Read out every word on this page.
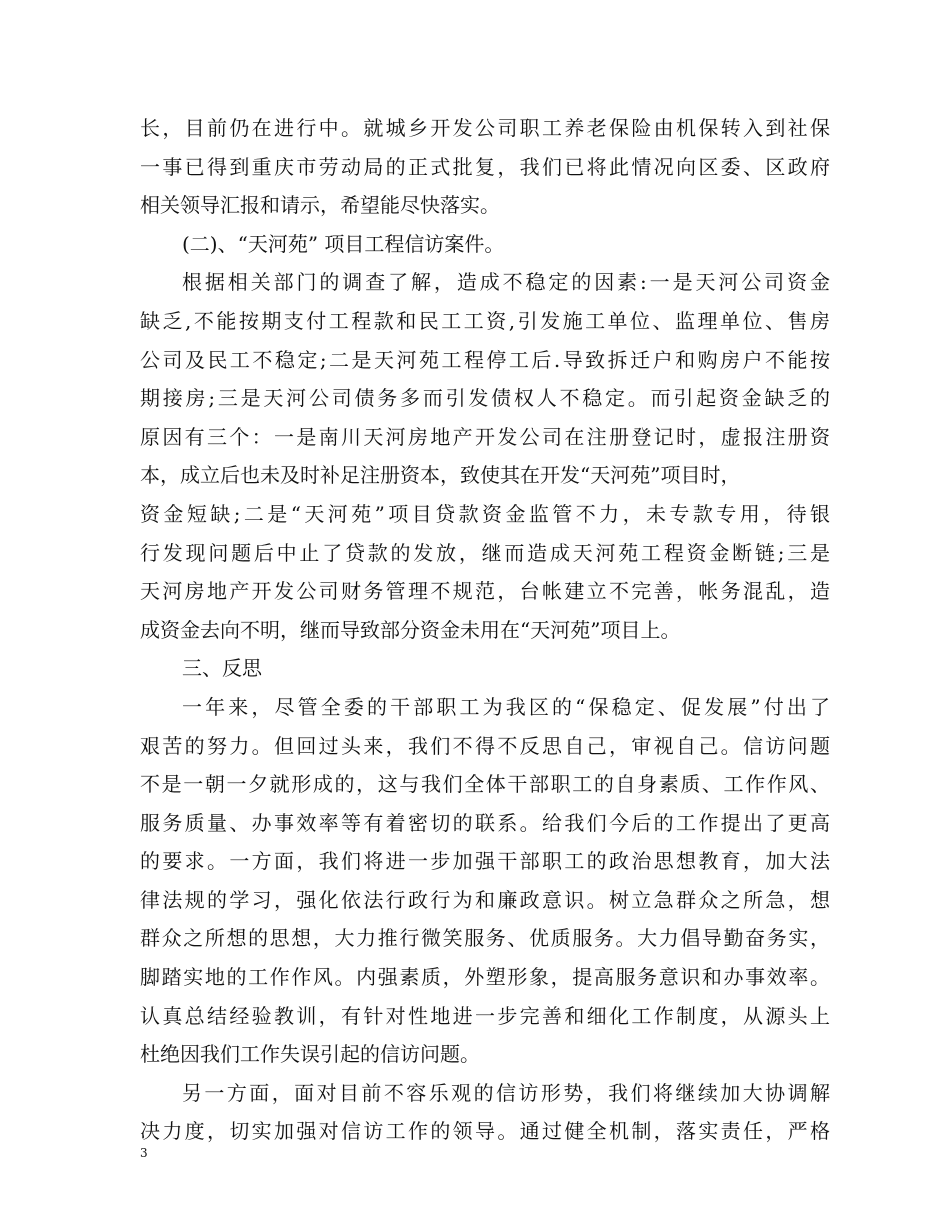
长，目前仍在进行中。就城乡开发公司职工养老保险由机保转入到社保
一事已得到重庆市劳动局的正式批复，我们已将此情况向区委、区政府
相关领导汇报和请示，希望能尽快落实。
(二)、“天河苑” 项目工程信访案件。
根据相关部门的调查了解，造成不稳定的因素:一是天河公司资金
缺乏,不能按期支付工程款和民工工资,引发施工单位、监理单位、售房
公司及民工不稳定;二是天河苑工程停工后.导致拆迁户和购房户不能按
期接房;三是天河公司债务多而引发债权人不稳定。而引起资金缺乏的
原因有三个：一是南川天河房地产开发公司在注册登记时，虚报注册资
本，成立后也未及时补足注册资本，致使其在开发“天河苑”项目时，
资金短缺;二是“天河苑”项目贷款资金监管不力，未专款专用，待银
行发现问题后中止了贷款的发放，继而造成天河苑工程资金断链;三是
天河房地产开发公司财务管理不规范，台帐建立不完善，帐务混乱，造
成资金去向不明，继而导致部分资金未用在“天河苑”项目上。
三、反思
一年来，尽管全委的干部职工为我区的“保稳定、促发展”付出了
艰苦的努力。但回过头来，我们不得不反思自己，审视自己。信访问题
不是一朝一夕就形成的，这与我们全体干部职工的自身素质、工作作风、
服务质量、办事效率等有着密切的联系。给我们今后的工作提出了更高
的要求。一方面，我们将进一步加强干部职工的政治思想教育，加大法
律法规的学习，强化依法行政行为和廉政意识。树立急群众之所急，想
群众之所想的思想，大力推行微笑服务、优质服务。大力倡导勤奋务实，
脚踏实地的工作作风。内强素质，外塑形象，提高服务意识和办事效率。
认真总结经验教训，有针对性地进一步完善和细化工作制度，从源头上
杜绝因我们工作失误引起的信访问题。
另一方面，面对目前不容乐观的信访形势，我们将继续加大协调解
决力度，切实加强对信访工作的领导。通过健全机制，落实责任，严格
3
